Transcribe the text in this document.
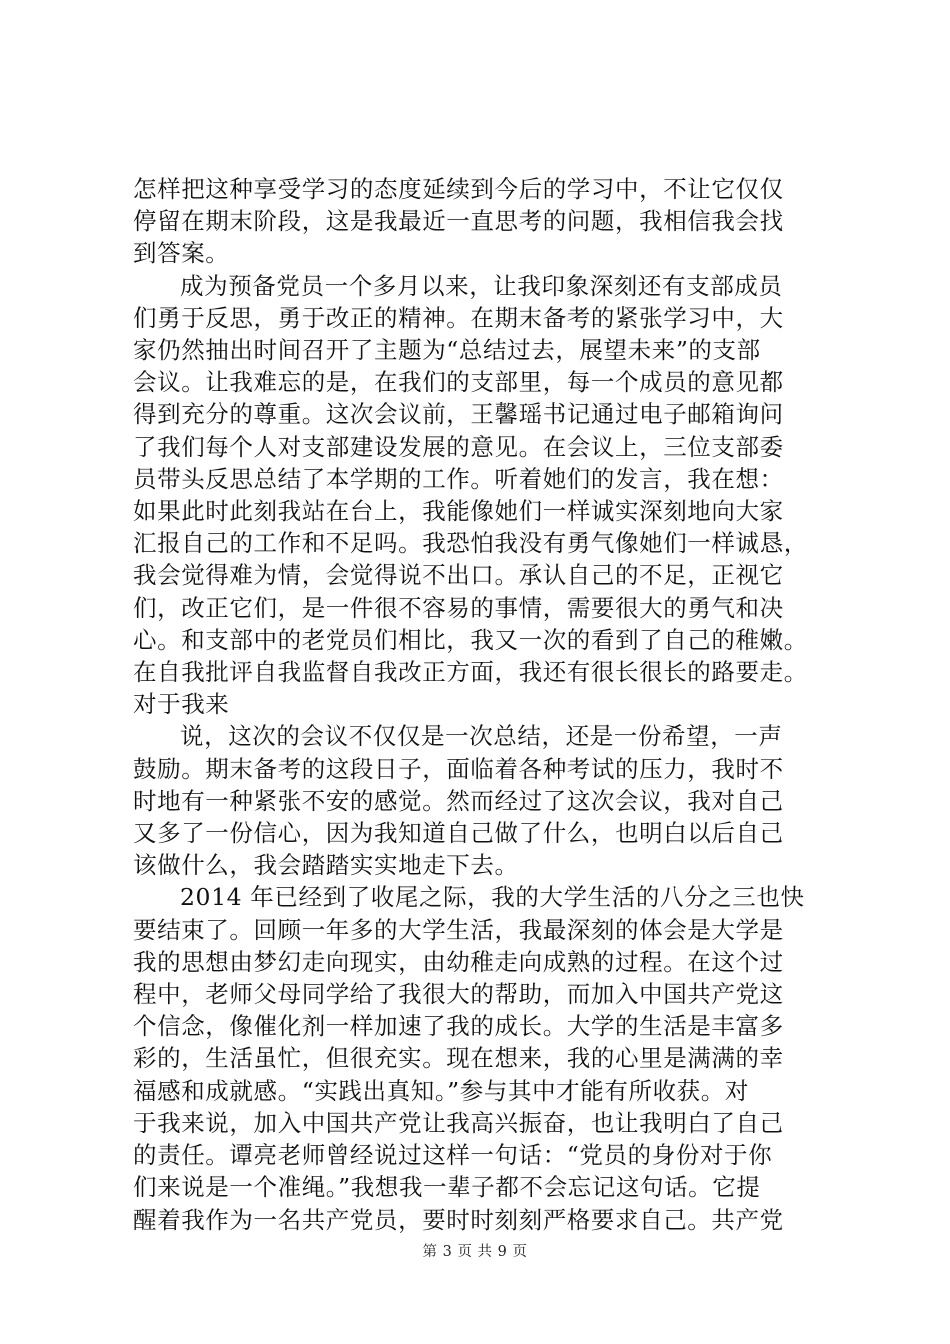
怎样把这种享受学习的态度延续到今后的学习中，不让它仅仅
停留在期末阶段，这是我最近一直思考的问题，我相信我会找
到答案。

成为预备党员一个多月以来，让我印象深刻还有支部成员
们勇于反思，勇于改正的精神。在期末备考的紧张学习中，大
家仍然抽出时间召开了主题为“总结过去，展望未来”的支部
会议。让我难忘的是，在我们的支部里，每一个成员的意见都
得到充分的尊重。这次会议前，王馨瑶书记通过电子邮箱询问
了我们每个人对支部建设发展的意见。在会议上，三位支部委
员带头反思总结了本学期的工作。听着她们的发言，我在想：
如果此时此刻我站在台上，我能像她们一样诚实深刻地向大家
汇报自己的工作和不足吗。我恐怕我没有勇气像她们一样诚恳，
我会觉得难为情，会觉得说不出口。承认自己的不足，正视它
们，改正它们，是一件很不容易的事情，需要很大的勇气和决
心。和支部中的老党员们相比，我又一次的看到了自己的稚嫩。
在自我批评自我监督自我改正方面，我还有很长很长的路要走。
对于我来

说，这次的会议不仅仅是一次总结，还是一份希望，一声
鼓励。期末备考的这段日子，面临着各种考试的压力，我时不
时地有一种紧张不安的感觉。然而经过了这次会议，我对自己
又多了一份信心，因为我知道自己做了什么，也明白以后自己
该做什么，我会踏踏实实地走下去。

2014 年已经到了收尾之际，我的大学生活的八分之三也快
要结束了。回顾一年多的大学生活，我最深刻的体会是大学是
我的思想由梦幻走向现实，由幼稚走向成熟的过程。在这个过
程中，老师父母同学给了我很大的帮助，而加入中国共产党这
个信念，像催化剂一样加速了我的成长。大学的生活是丰富多
彩的，生活虽忙，但很充实。现在想来，我的心里是满满的幸
福感和成就感。“实践出真知。”参与其中才能有所收获。对
于我来说，加入中国共产党让我高兴振奋，也让我明白了自己
的责任。谭亮老师曾经说过这样一句话：“党员的身份对于你
们来说是一个准绳。”我想我一辈子都不会忘记这句话。它提
醒着我作为一名共产党员，要时时刻刻严格要求自己。共产党

第 3 页 共 9 页
